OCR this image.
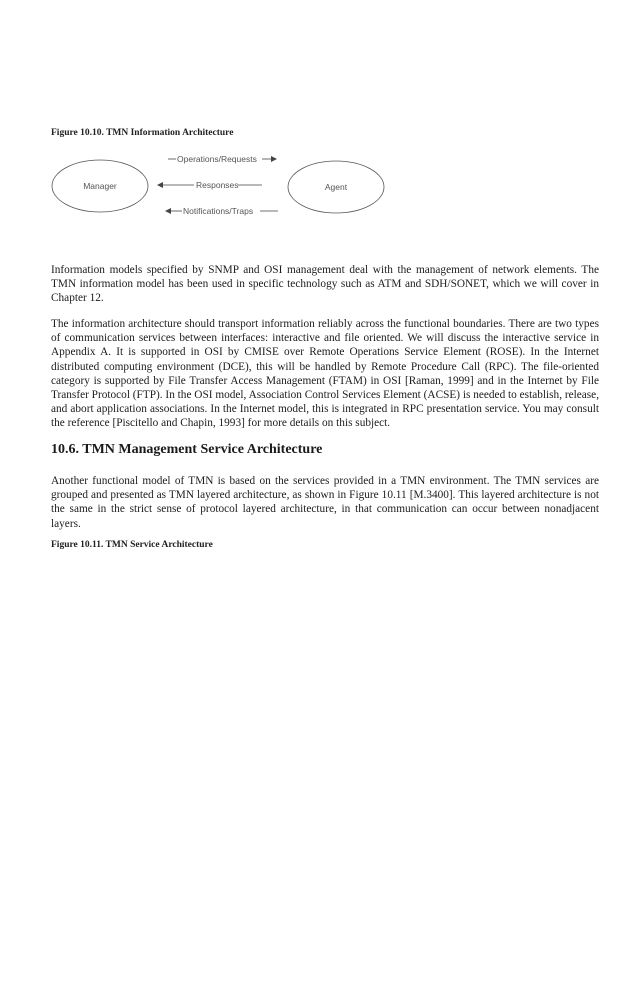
Figure 10.10. TMN Information Architecture
Manager	Agent
Operations/Requests
Responses
Notifications/Traps

Information models specified by SNMP and OSI management deal with the management of network elements. The TMN information model has been used in specific technology such as ATM and SDH/SONET, which we will cover in Chapter 12.

The information architecture should transport information reliably across the functional boundaries. There are two types of communication services between interfaces: interactive and file oriented. We will discuss the interactive service in Appendix A. It is supported in OSI by CMISE over Remote Operations Service Element (ROSE). In the Internet distributed computing environment (DCE), this will be handled by Remote Procedure Call (RPC). The file-oriented category is supported by File Transfer Access Management (FTAM) in OSI [Raman, 1999] and in the Internet by File Transfer Protocol (FTP). In the OSI model, Association Control Services Element (ACSE) is needed to establish, release, and abort application associations. In the Internet model, this is integrated in RPC presentation service. You may consult the reference [Piscitello and Chapin, 1993] for more details on this subject.

10.6. TMN Management Service Architecture

Another functional model of TMN is based on the services provided in a TMN environment. The TMN services are grouped and presented as TMN layered architecture, as shown in Figure 10.11 [M.3400]. This layered architecture is not the same in the strict sense of protocol layered architecture, in that communication can occur between nonadjacent layers.

Figure 10.11. TMN Service Architecture
